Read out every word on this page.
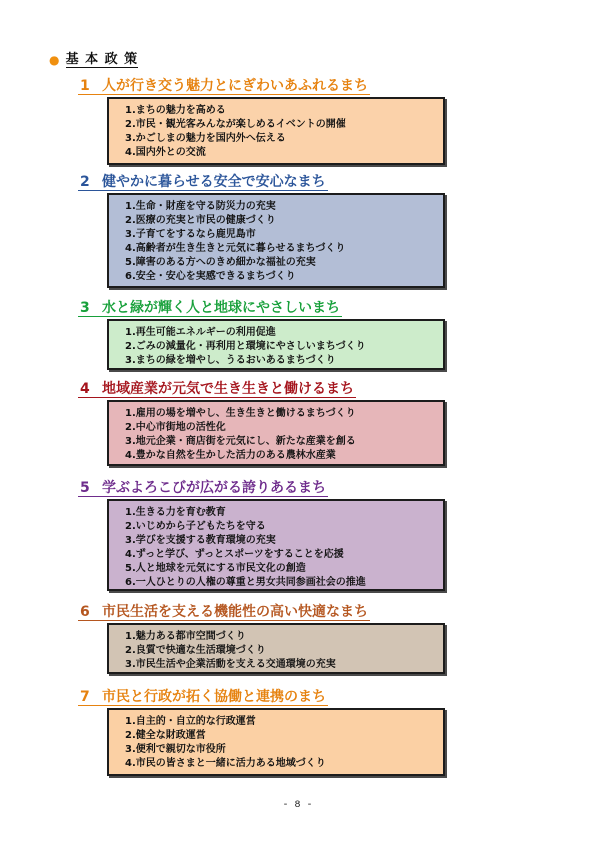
● 基 本 政 策
1 人が行き交う魅力とにぎわいあふれるまち
1.まちの魅力を高める
2.市民・観光客みんなが楽しめるイベントの開催
3.かごしまの魅力を国内外へ伝える
4.国内外との交流
2 健やかに暮らせる安全で安心なまち
1.生命・財産を守る防災力の充実
2.医療の充実と市民の健康づくり
3.子育てをするなら鹿児島市
4.高齢者が生き生きと元気に暮らせるまちづくり
5.障害のある方へのきめ細かな福祉の充実
6.安全・安心を実感できるまちづくり
3 水と緑が輝く人と地球にやさしいまち
1.再生可能エネルギーの利用促進
2.ごみの減量化・再利用と環境にやさしいまちづくり
3.まちの緑を増やし、うるおいあるまちづくり
4 地域産業が元気で生き生きと働けるまち
1.雇用の場を増やし、生き生きと働けるまちづくり
2.中心市街地の活性化
3.地元企業・商店街を元気にし、新たな産業を創る
4.豊かな自然を生かした活力のある農林水産業
5 学ぶよろこびが広がる誇りあるまち
1.生きる力を育む教育
2.いじめから子どもたちを守る
3.学びを支援する教育環境の充実
4.ずっと学び、ずっとスポーツをすることを応援
5.人と地球を元気にする市民文化の創造
6.一人ひとりの人権の尊重と男女共同参画社会の推進
6 市民生活を支える機能性の高い快適なまち
1.魅力ある都市空間づくり
2.良質で快適な生活環境づくり
3.市民生活や企業活動を支える交通環境の充実
7 市民と行政が拓く協働と連携のまち
1.自主的・自立的な行政運営
2.健全な財政運営
3.便利で親切な市役所
4.市民の皆さまと一緒に活力ある地域づくり
- 8 -
